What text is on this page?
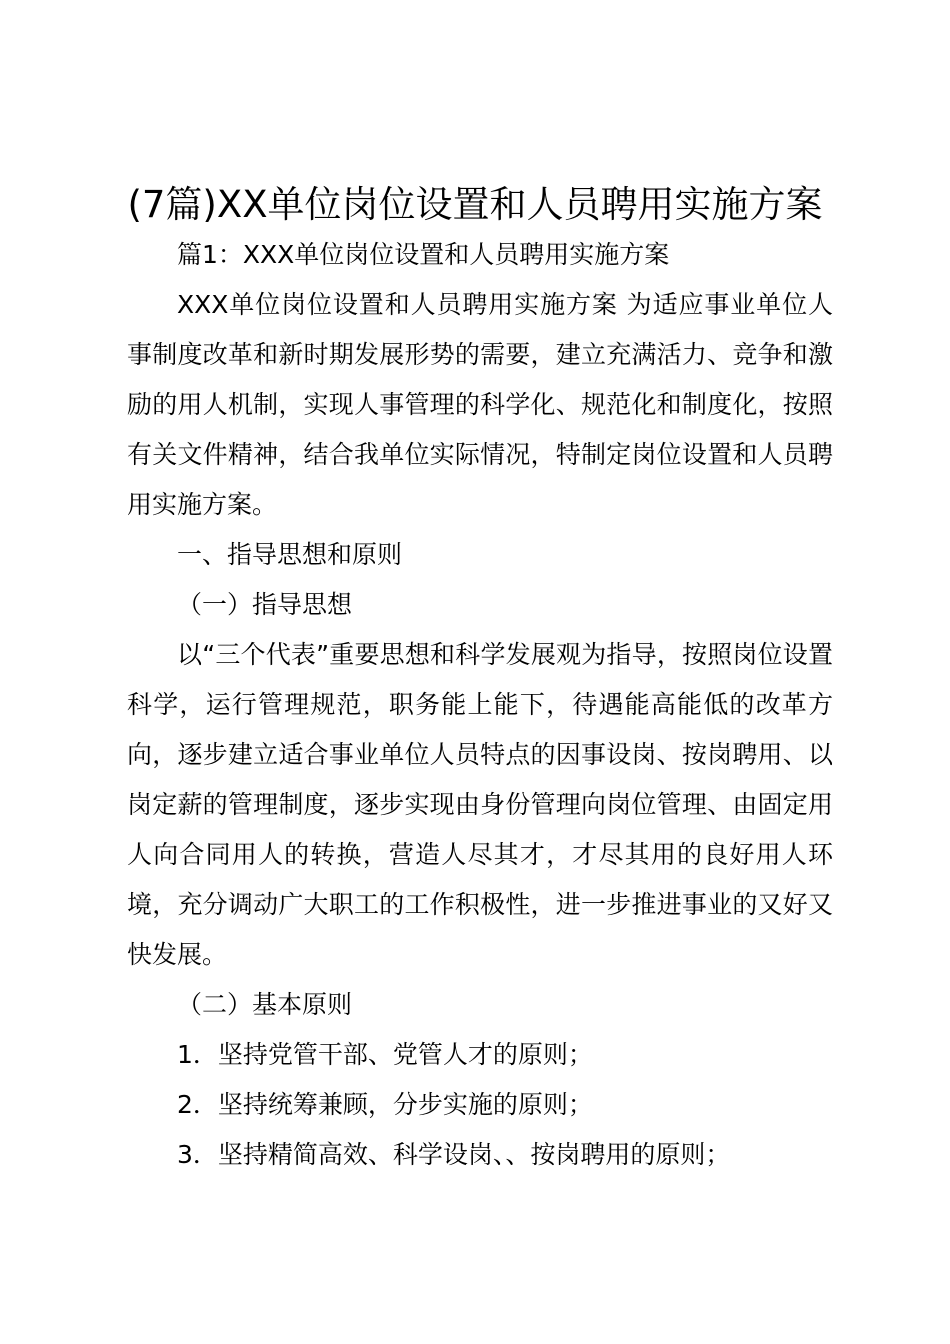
(7篇)XX单位岗位设置和人员聘用实施方案

篇1：XXX单位岗位设置和人员聘用实施方案

XXX单位岗位设置和人员聘用实施方案 为适应事业单位人事制度改革和新时期发展形势的需要，建立充满活力、竞争和激励的用人机制，实现人事管理的科学化、规范化和制度化，按照有关文件精神，结合我单位实际情况，特制定岗位设置和人员聘用实施方案。

一、指导思想和原则

（一）指导思想

以“三个代表”重要思想和科学发展观为指导，按照岗位设置科学，运行管理规范，职务能上能下，待遇能高能低的改革方向，逐步建立适合事业单位人员特点的因事设岗、按岗聘用、以岗定薪的管理制度，逐步实现由身份管理向岗位管理、由固定用人向合同用人的转换，营造人尽其才，才尽其用的良好用人环境，充分调动广大职工的工作积极性，进一步推进事业的又好又快发展。

（二）基本原则

1．坚持党管干部、党管人才的原则；

2．坚持统筹兼顾，分步实施的原则；

3．坚持精简高效、科学设岗、、按岗聘用的原则；
